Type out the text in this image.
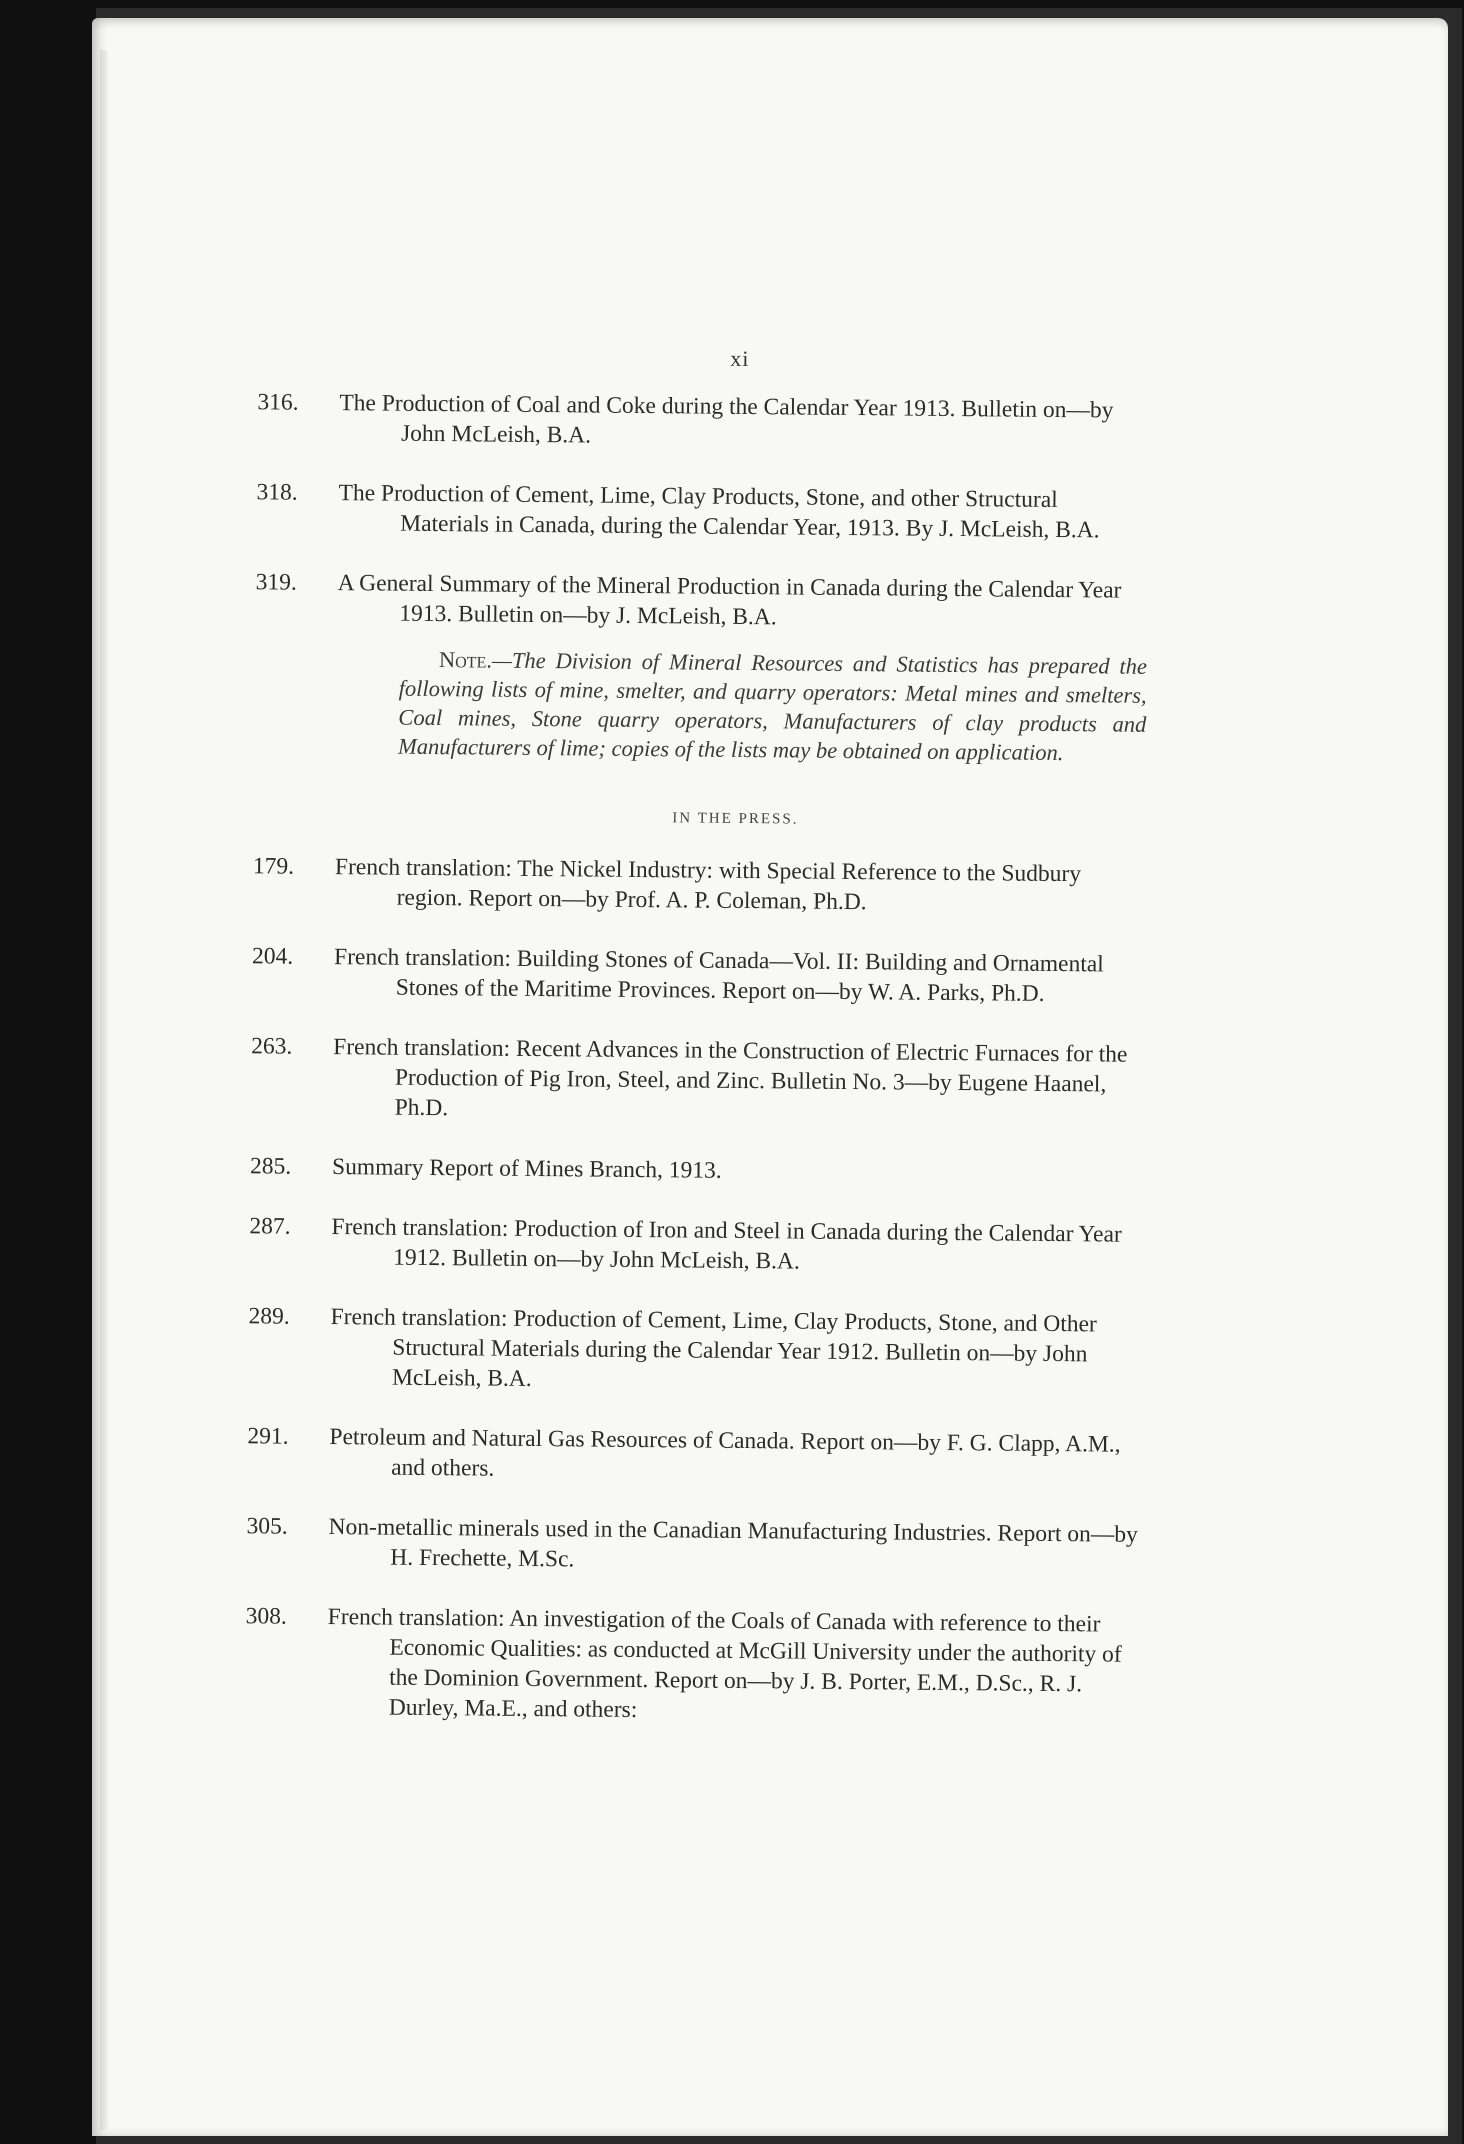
xi

The Production of Coal and Coke during the Calendar Year 1913. Bulletin on—by John McLeish, B.A.

The Production of Cement, Lime, Clay Products, Stone, and other Structural Materials in Canada, during the Calendar Year, 1913. By J. McLeish, B.A.

A General Summary of the Mineral Production in Canada during the Calendar Year 1913. Bulletin on—by J. McLeish, B.A.

Note.—The Division of Mineral Resources and Statistics has prepared the following lists of mine, smelter, and quarry operators: Metal mines and smelters, Coal mines, Stone quarry operators, Manufacturers of clay products and Manufacturers of lime; copies of the lists may be obtained on application.

IN THE PRESS.

French translation: The Nickel Industry: with Special Reference to the Sudbury region. Report on—by Prof. A. P. Coleman, Ph.D.

French translation: Building Stones of Canada—Vol. II: Building and Ornamental Stones of the Maritime Provinces. Report on—by W. A. Parks, Ph.D.

French translation: Recent Advances in the Construction of Electric Furnaces for the Production of Pig Iron, Steel, and Zinc. Bulletin No. 3—by Eugene Haanel, Ph.D.

Summary Report of Mines Branch, 1913.

French translation: Production of Iron and Steel in Canada during the Calendar Year 1912. Bulletin on—by John McLeish, B.A.

French translation: Production of Cement, Lime, Clay Products, Stone, and Other Structural Materials during the Calendar Year 1912. Bulletin on—by John McLeish, B.A.

Petroleum and Natural Gas Resources of Canada. Report on—by F. G. Clapp, A.M., and others.

Non-metallic minerals used in the Canadian Manufacturing Industries. Report on—by H. Frechette, M.Sc.

French translation: An investigation of the Coals of Canada with reference to their Economic Qualities: as conducted at McGill University under the authority of the Dominion Government. Report on—by J. B. Porter, E.M., D.Sc., R. J. Durley, Ma.E., and others:
